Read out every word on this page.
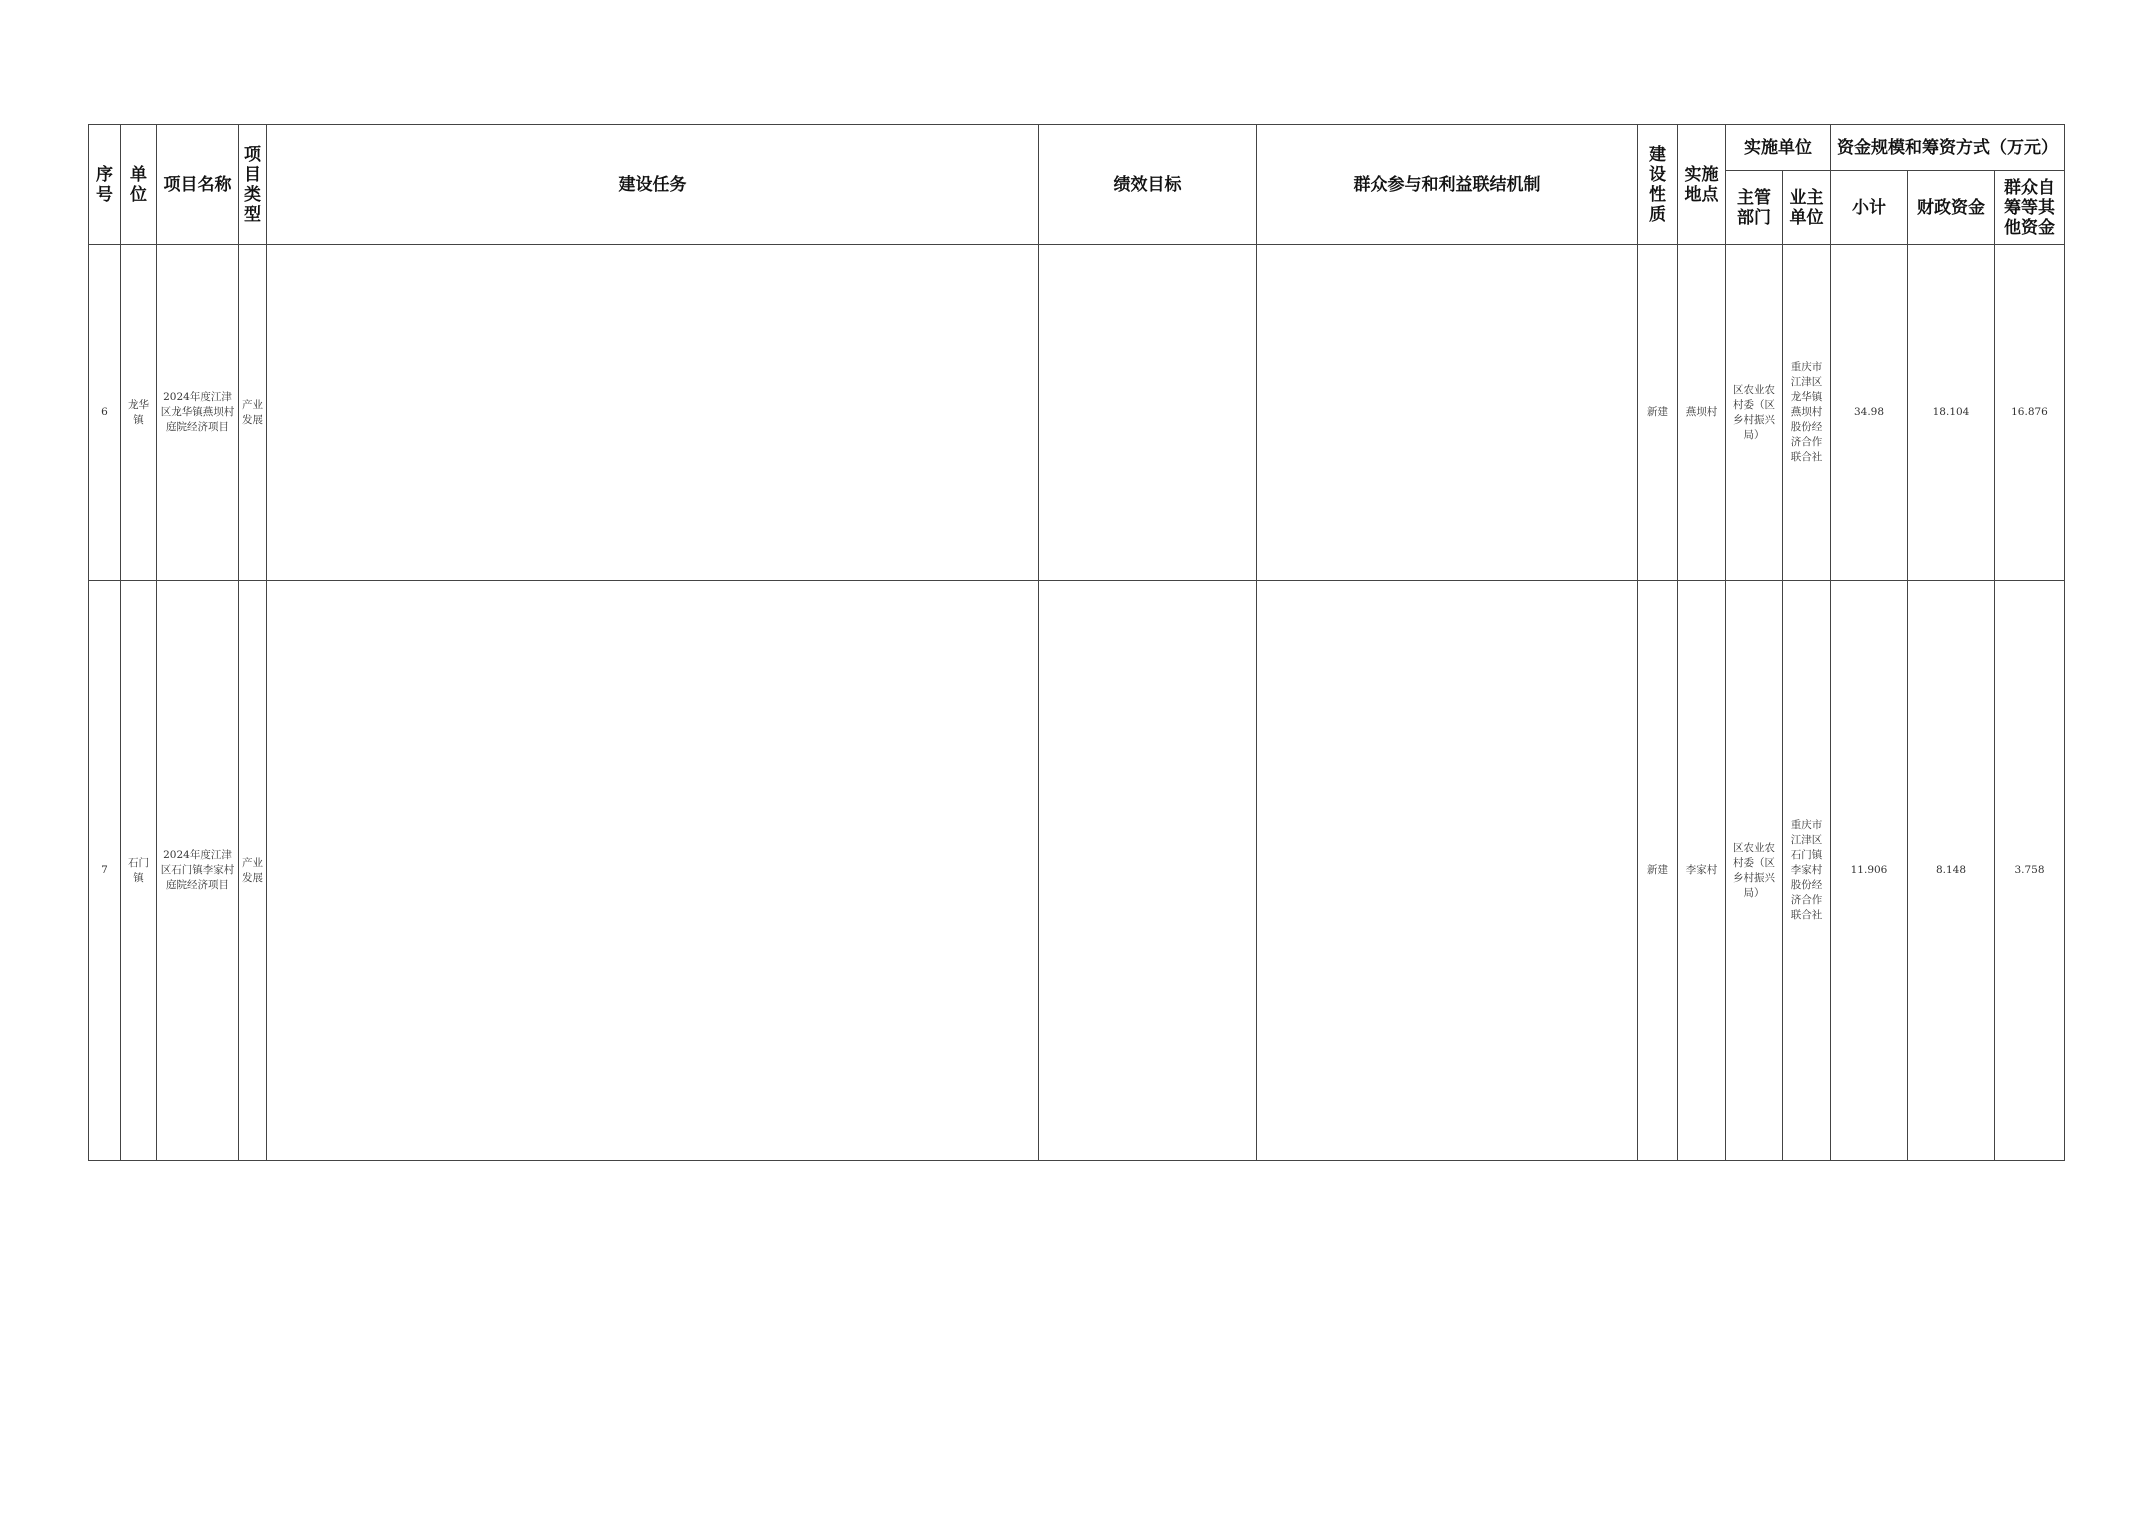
序号	单位	项目名称	项目类型	建设任务	绩效目标	群众参与和利益联结机制	建设性质	实施地点	实施单位		资金规模和筹资方式（万元）		
									主管部门	业主单位	小计	财政资金	群众自筹等其他资金
6	龙华镇	2024年度江津区龙华镇燕坝村庭院经济项目	产业发展				新建	燕坝村	区农业农村委（区乡村振兴局）	重庆市江津区龙华镇燕坝村股份经济合作联合社	34.98	18.104	16.876
7	石门镇	2024年度江津区石门镇李家村庭院经济项目	产业发展				新建	李家村	区农业农村委（区乡村振兴局）	重庆市江津区石门镇李家村股份经济合作联合社	11.906	8.148	3.758
